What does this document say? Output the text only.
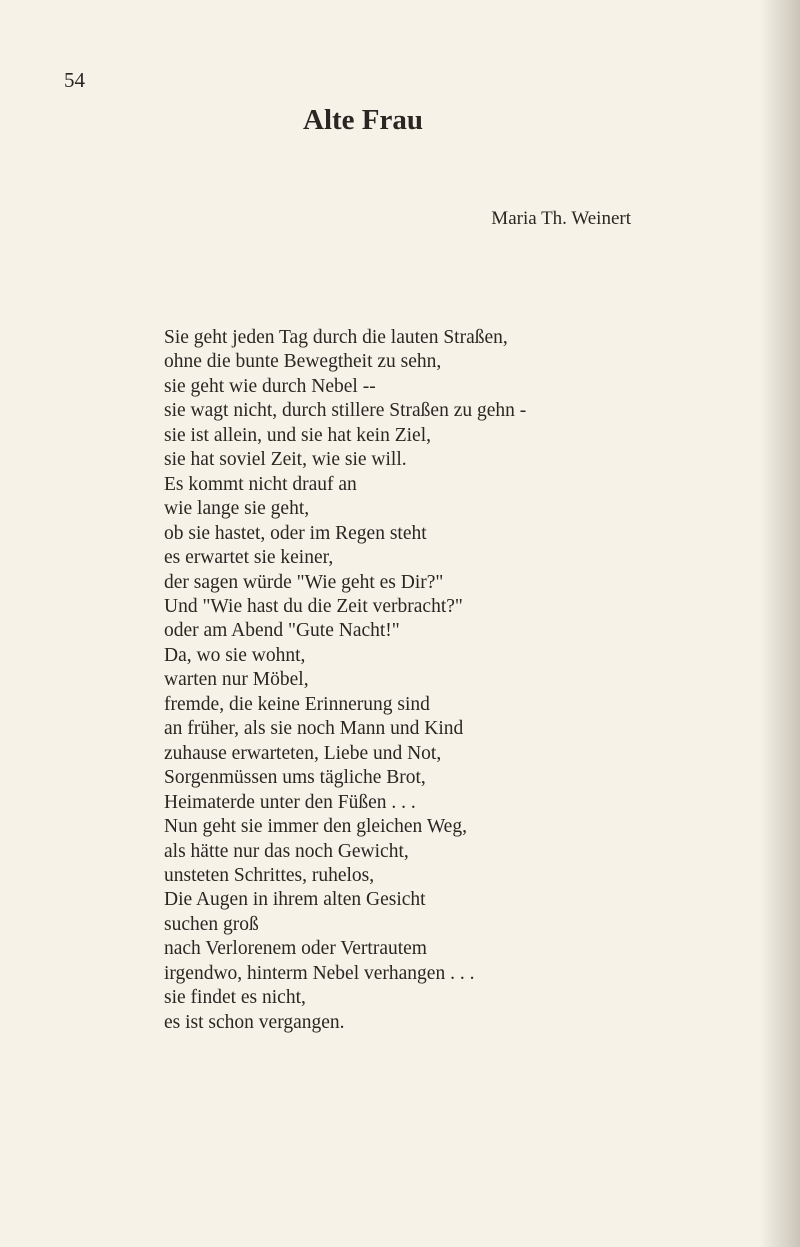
54
Alte Frau
Maria Th. Weinert
Sie geht jeden Tag durch die lauten Straßen,
ohne die bunte Bewegtheit zu sehn,
sie geht wie durch Nebel --
sie wagt nicht, durch stillere Straßen zu gehn -
sie ist allein, und sie hat kein Ziel,
sie hat soviel Zeit, wie sie will.
Es kommt nicht drauf an
wie lange sie geht,
ob sie hastet, oder im Regen steht
es erwartet sie keiner,
der sagen würde "Wie geht es Dir?"
Und "Wie hast du die Zeit verbracht?"
oder am Abend "Gute Nacht!"
Da, wo sie wohnt,
warten nur Möbel,
fremde, die keine Erinnerung sind
an früher, als sie noch Mann und Kind
zuhause erwarteten, Liebe und Not,
Sorgenmüssen ums tägliche Brot,
Heimaterde unter den Füßen . . .
Nun geht sie immer den gleichen Weg,
als hätte nur das noch Gewicht,
unsteten Schrittes, ruhelos,
Die Augen in ihrem alten Gesicht
suchen groß
nach Verlorenem oder Vertrautem
irgendwo, hinterm Nebel verhangen . . .
sie findet es nicht,
es ist schon vergangen.
